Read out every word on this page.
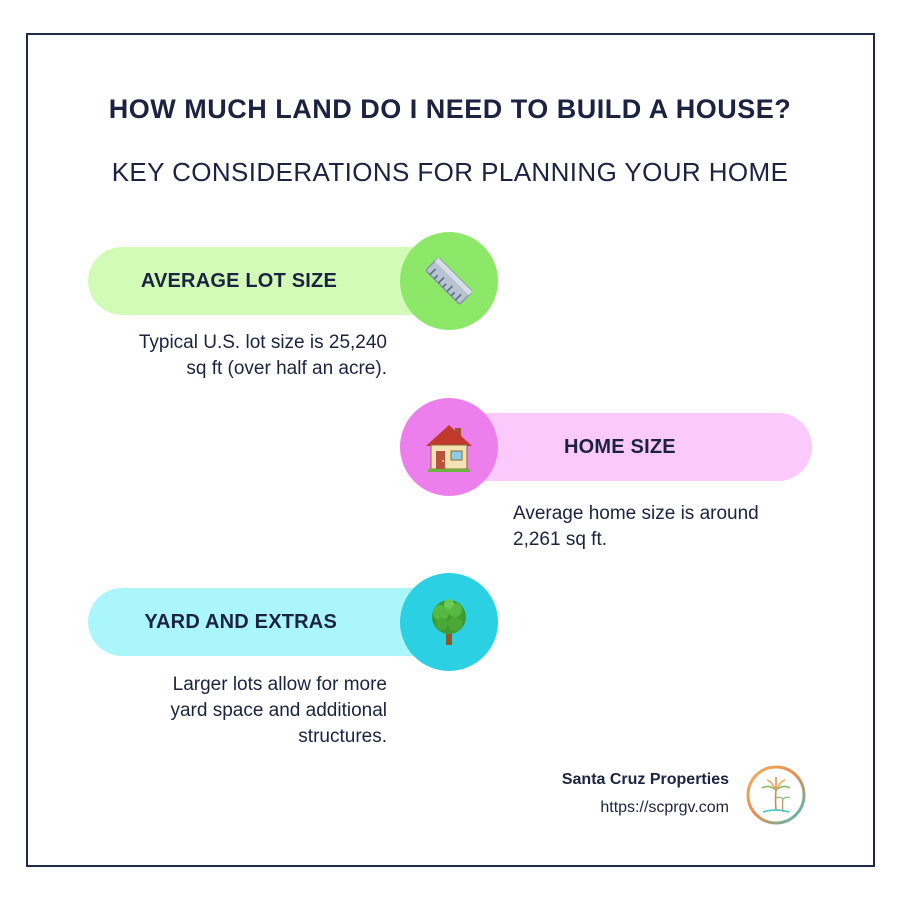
HOW MUCH LAND DO I NEED TO BUILD A HOUSE?
KEY CONSIDERATIONS FOR PLANNING YOUR HOME
AVERAGE LOT SIZE
Typical U.S. lot size is 25,240
sq ft (over half an acre).
HOME SIZE
Average home size is around
2,261 sq ft.
YARD AND EXTRAS
Larger lots allow for more
yard space and additional
structures.
Santa Cruz Properties
https://scprgv.com
